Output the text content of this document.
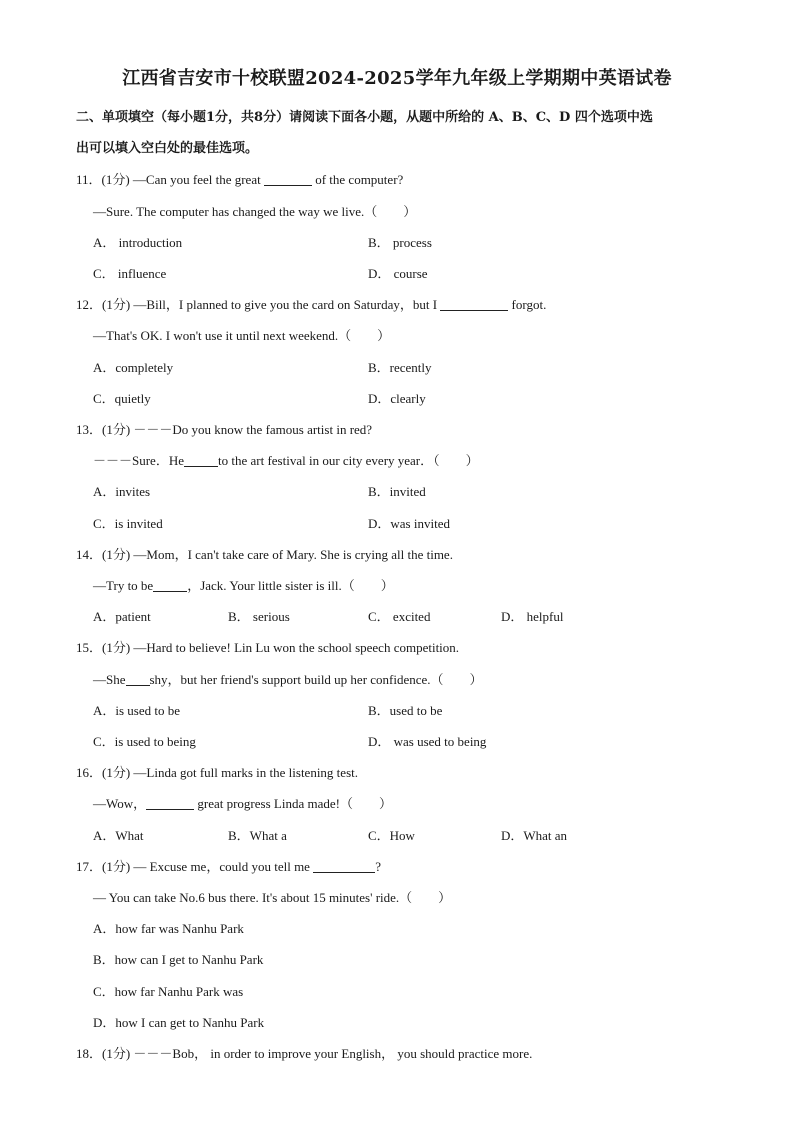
江西省吉安市十校联盟2024-2025学年九年级上学期期中英语试卷
二、单项填空（每小题1分，共8分）请阅读下面各小题，从题中所给的 A、B、C、D 四个选项中选
出可以填入空白处的最佳选项。
11．(1分) —Can you feel the great	of the computer?
—Sure. The computer has changed the way we live.（　　）
A． introduction	B． process
C． influence	D． course
12．(1分) —Bill，I planned to give you the card on Saturday，but I	forgot.
—That's OK. I won't use it until next weekend.（　　）
A．completely	B．recently
C．quietly	D．clearly
13．(1分) －－－Do you know the famous artist in red?
－－－Sure．He	to the art festival in our city every year．（　　）
A．invites	B．invited
C．is invited	D．was invited
14．(1分) —Mom，I can't take care of Mary. She is crying all the time.
—Try to be	，Jack. Your little sister is ill.（　　）
A．patient	B． serious	C． excited	D． helpful
15．(1分) —Hard to believe! Lin Lu won the school speech competition.
—She shy，but her friend's support build up her confidence.（　　）
A．is used to be	B．used to be
C．is used to being	D． was used to being
16．(1分) —Linda got full marks in the listening test.
—Wow，	great progress Linda made!（　　）
A．What	B．What a	C．How	D．What an
17．(1分) — Excuse me，could you tell me	?
— You can take No.6 bus there. It's about 15 minutes' ride.（　　）
A．how far was Nanhu Park
B．how can I get to Nanhu Park
C．how far Nanhu Park was
D．how I can get to Nanhu Park
18．(1分) －－－Bob， in order to improve your English， you should practice more.
